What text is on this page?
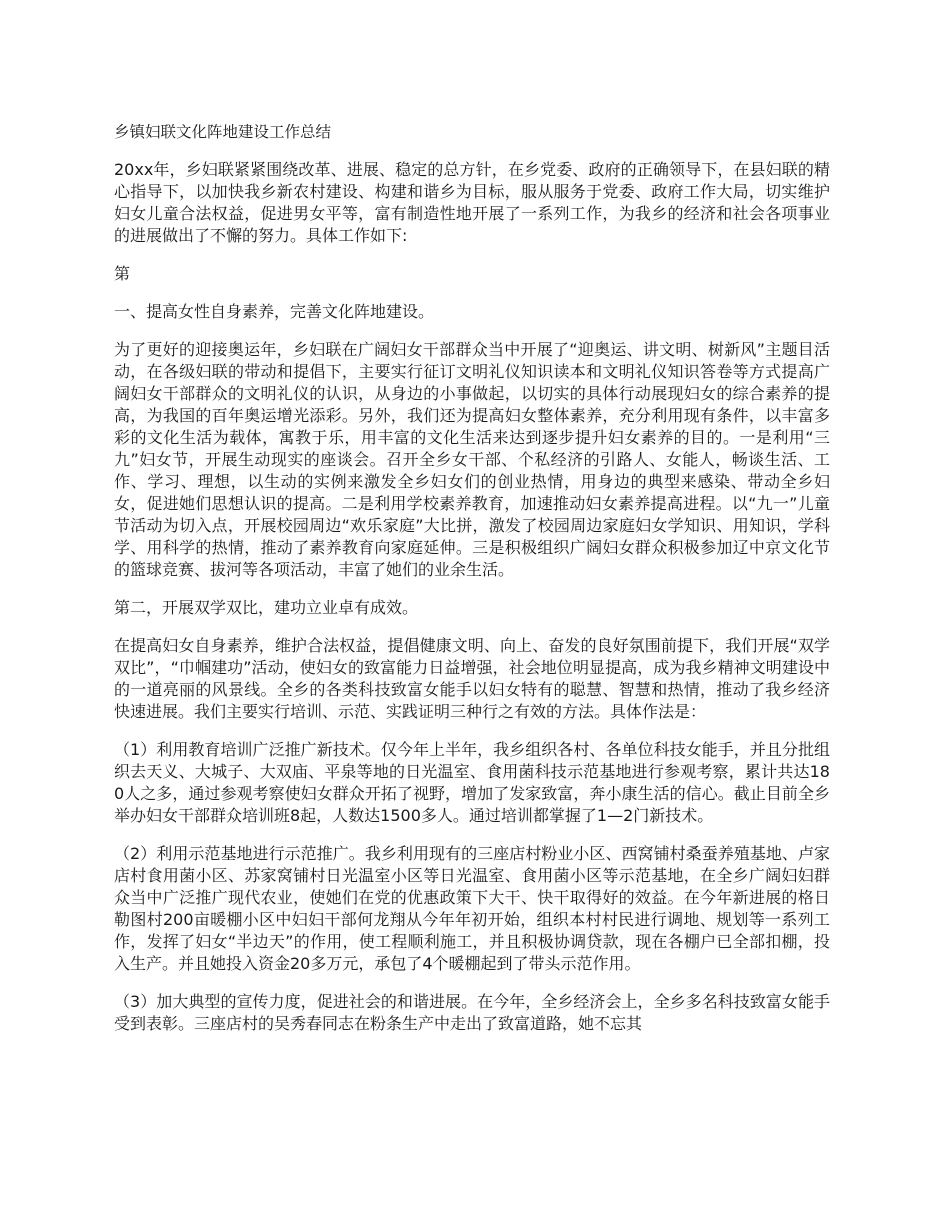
乡镇妇联文化阵地建设工作总结

20xx年，乡妇联紧紧围绕改革、进展、稳定的总方针，在乡党委、政府的正确领导下，在县妇联的精心指导下，以加快我乡新农村建设、构建和谐乡为目标，服从服务于党委、政府工作大局，切实维护妇女儿童合法权益，促进男女平等，富有制造性地开展了一系列工作，为我乡的经济和社会各项事业的进展做出了不懈的努力。具体工作如下:

第

一、提高女性自身素养，完善文化阵地建设。

为了更好的迎接奥运年，乡妇联在广阔妇女干部群众当中开展了“迎奥运、讲文明、树新风”主题目活动，在各级妇联的带动和提倡下，主要实行征订文明礼仪知识读本和文明礼仪知识答卷等方式提高广阔妇女干部群众的文明礼仪的认识，从身边的小事做起，以切实的具体行动展现妇女的综合素养的提高，为我国的百年奥运增光添彩。另外，我们还为提高妇女整体素养，充分利用现有条件，以丰富多彩的文化生活为载体，寓教于乐，用丰富的文化生活来达到逐步提升妇女素养的目的。一是利用“三九”妇女节，开展生动现实的座谈会。召开全乡女干部、个私经济的引路人、女能人，畅谈生活、工作、学习、理想，以生动的实例来激发全乡妇女们的创业热情，用身边的典型来感染、带动全乡妇女，促进她们思想认识的提高。二是利用学校素养教育，加速推动妇女素养提高进程。以“九一”儿童节活动为切入点，开展校园周边“欢乐家庭”大比拼，激发了校园周边家庭妇女学知识、用知识，学科学、用科学的热情，推动了素养教育向家庭延伸。三是积极组织广阔妇女群众积极参加辽中京文化节的篮球竞赛、拔河等各项活动，丰富了她们的业余生活。

第二，开展双学双比，建功立业卓有成效。

在提高妇女自身素养，维护合法权益，提倡健康文明、向上、奋发的良好氛围前提下，我们开展“双学双比”，“巾帼建功”活动，使妇女的致富能力日益增强，社会地位明显提高，成为我乡精神文明建设中的一道亮丽的风景线。全乡的各类科技致富女能手以妇女特有的聪慧、智慧和热情，推动了我乡经济快速进展。我们主要实行培训、示范、实践证明三种行之有效的方法。具体作法是：

（1）利用教育培训广泛推广新技术。仅今年上半年，我乡组织各村、各单位科技女能手，并且分批组织去天义、大城子、大双庙、平泉等地的日光温室、食用菌科技示范基地进行参观考察，累计共达180人之多，通过参观考察使妇女群众开拓了视野，增加了发家致富，奔小康生活的信心。截止目前全乡举办妇女干部群众培训班8起，人数达1500多人。通过培训都掌握了1—2门新技术。

（2）利用示范基地进行示范推广。我乡利用现有的三座店村粉业小区、西窝铺村桑蚕养殖基地、卢家店村食用菌小区、苏家窝铺村日光温室小区等日光温室、食用菌小区等示范基地，在全乡广阔妇妇群众当中广泛推广现代农业，使她们在党的优惠政策下大干、快干取得好的效益。在今年新进展的格日勒图村200亩暖棚小区中妇妇干部何龙翔从今年年初开始，组织本村村民进行调地、规划等一系列工作，发挥了妇女“半边天”的作用，使工程顺利施工，并且积极协调贷款，现在各棚户已全部扣棚，投入生产。并且她投入资金20多万元，承包了4个暖棚起到了带头示范作用。

（3）加大典型的宣传力度，促进社会的和谐进展。在今年，全乡经济会上，全乡多名科技致富女能手受到表彰。三座店村的吴秀春同志在粉条生产中走出了致富道路，她不忘其
